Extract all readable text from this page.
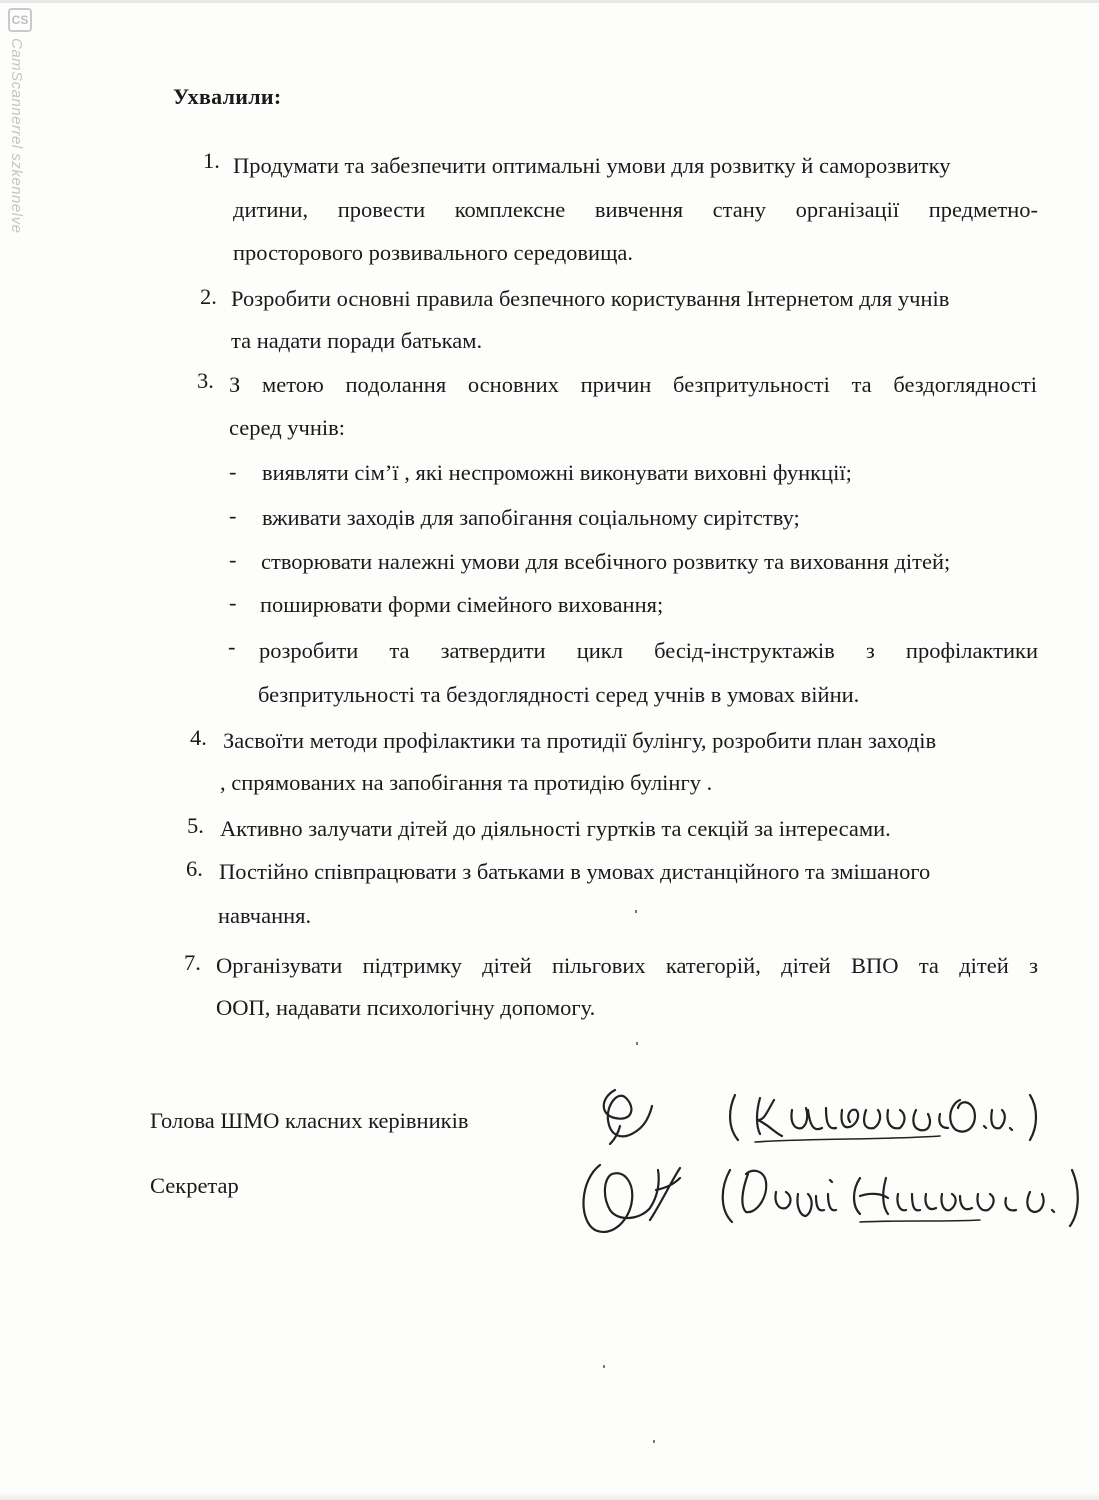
CS
CamScannerrel szkennelve	Ухвалили:
1. Продумати та забезпечити оптимальні умови для розвитку й саморозвитку
дитини, провести комплексне вивчення стану організації предметно-
просторового розвивального середовища.
2. Розробити основні правила безпечного користування Інтернетом для учнів
та надати поради батькам.
3. З метою подолання основних причин безпритульності та бездоглядності
серед учнів:
- виявляти сім’ї , які неспроможні виконувати виховні функції;
- вживати заходів для запобігання соціальному сирітству;
- створювати належні умови для всебічного розвитку та виховання дітей;
- поширювати форми сімейного виховання;
- розробити та затвердити цикл бесід-інструктажів з профілактики
безпритульності та бездоглядності серед учнів в умовах війни.
4. Засвоїти методи профілактики та протидії булінгу, розробити план заходів
, спрямованих на запобігання та протидію булінгу .
5. Активно залучати дітей до діяльності гуртків та секцій за інтересами.
6. Постійно співпрацювати з батьками в умовах дистанційного та змішаного
навчання.
7. Організувати підтримку дітей пільгових категорій, дітей ВПО та дітей з
ООП, надавати психологічну допомогу.
Голова ШМО класних керівників
Секретар
